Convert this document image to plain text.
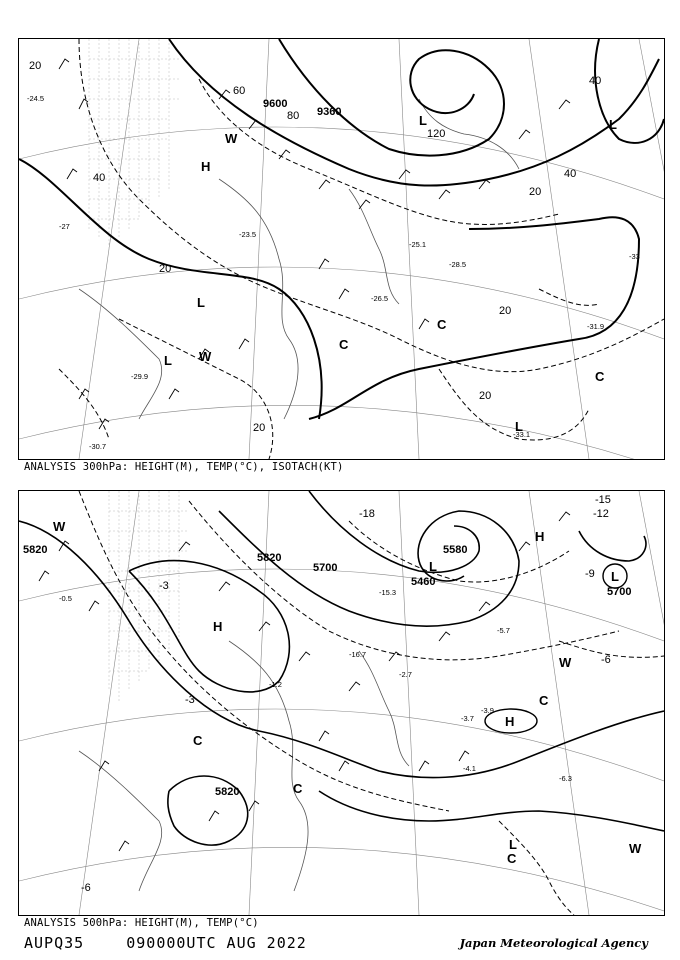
9600
9360
20
40
60
80
120
20
20
20
20
20
40
40
-24.5
-27
-29.9
-30.7
-31.9
-33
-33.1
-28.5
-26.5
-25.1
-23.5
H
L
L
L
L
L
C
C
C
W
W
ANALYSIS 300hPa: HEIGHT(M), TEMP(°C), ISOTACH(KT)
5820
5820
5820
5700
5700
5580
5460
-3
-3
-6
-6
-9
-12
-15
-18
-1.2
-3.9
-5.7
-6.3
-4.1
-3.7
-2.7
-0.5
-16.7
-15.3
H
H
H
L
L
L
C
C
C
C
W
W
W
ANALYSIS 500hPa: HEIGHT(M), TEMP(°C)
AUPQ35	090000UTC AUG 2022	Japan Meteorological Agency
